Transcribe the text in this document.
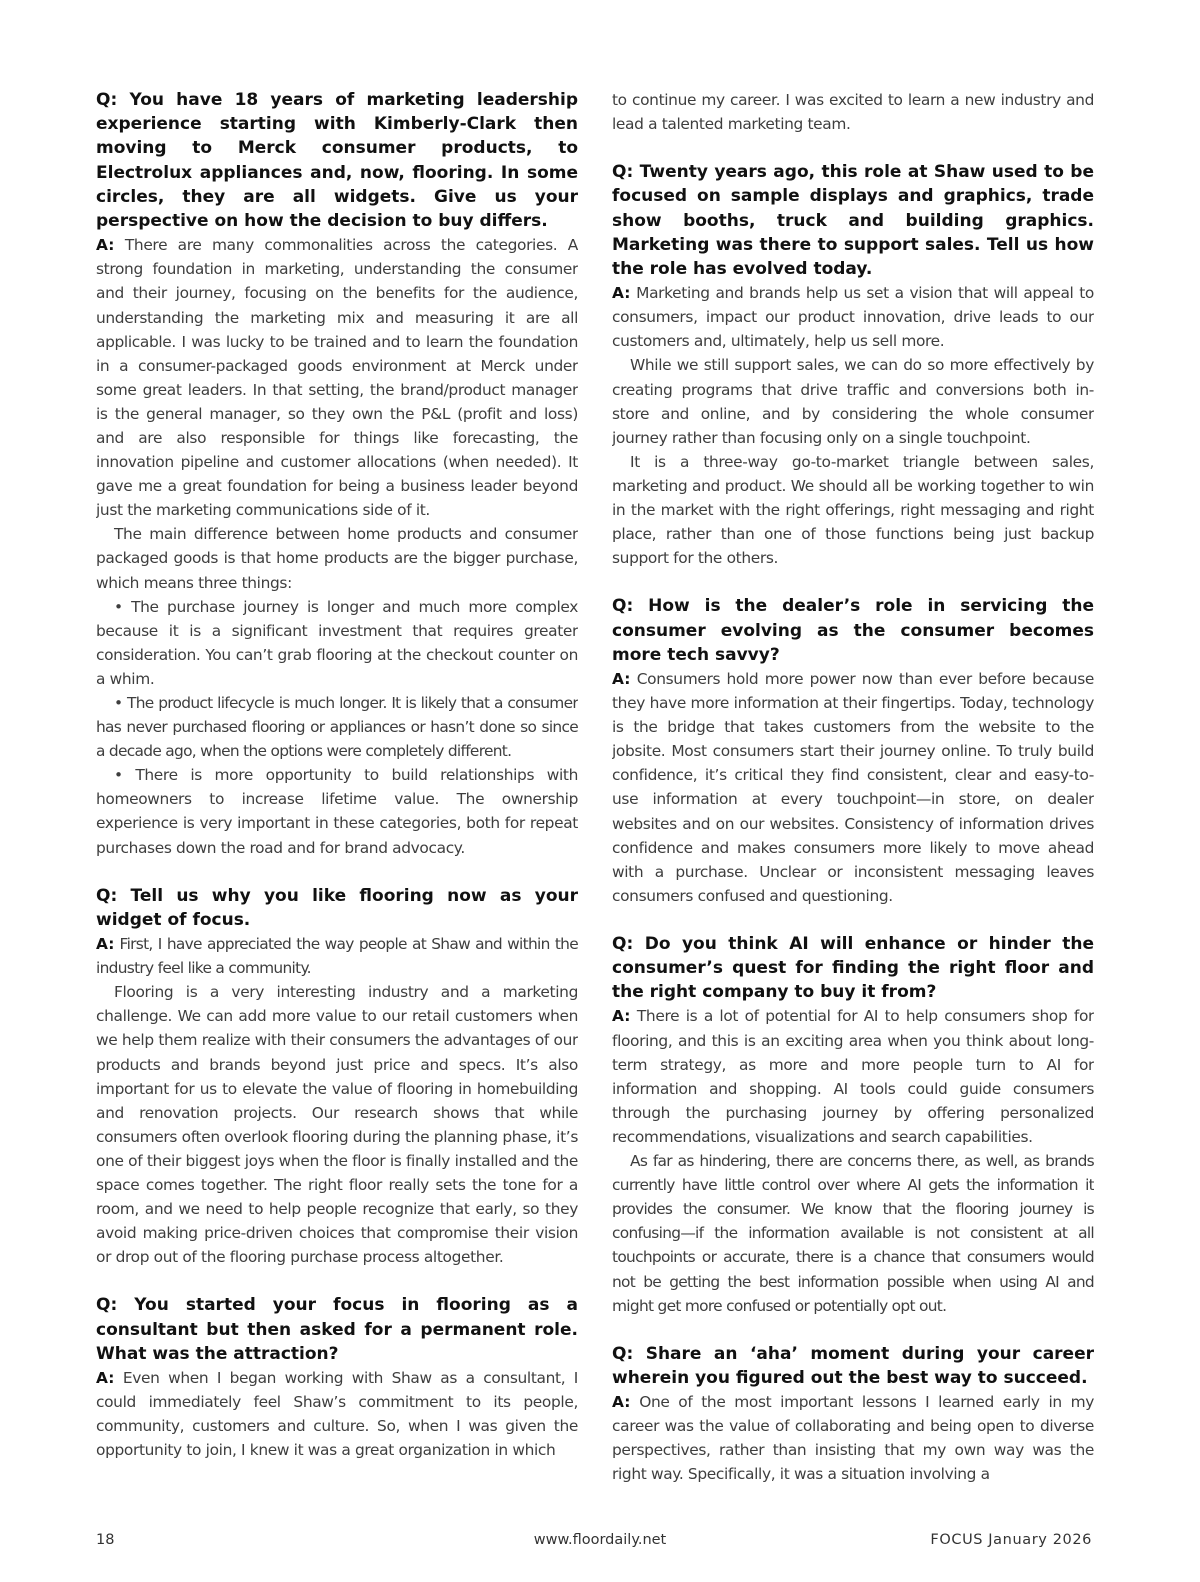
Q: You have 18 years of marketing leadership experience starting with Kimberly-Clark then moving to Merck consumer products, to Electrolux appliances and, now, flooring. In some circles, they are all widgets. Give us your perspective on how the decision to buy differs.

A: There are many commonalities across the categories. A strong foundation in marketing, understanding the consumer and their journey, focusing on the benefits for the audience, understanding the marketing mix and measuring it are all applicable. I was lucky to be trained and to learn the foundation in a consumer-packaged goods environment at Merck under some great leaders. In that setting, the brand/product manager is the general manager, so they own the P&L (profit and loss) and are also responsible for things like forecasting, the innovation pipeline and customer allocations (when needed). It gave me a great foundation for being a business leader beyond just the marketing communications side of it.

The main difference between home products and consumer packaged goods is that home products are the bigger purchase, which means three things:

• The purchase journey is longer and much more complex because it is a significant investment that requires greater consideration. You can’t grab flooring at the checkout counter on a whim.

• The product lifecycle is much longer. It is likely that a consumer has never purchased flooring or appliances or hasn’t done so since a decade ago, when the options were completely different.

• There is more opportunity to build relationships with homeowners to increase lifetime value. The ownership experience is very important in these categories, both for repeat purchases down the road and for brand advocacy.

Q: Tell us why you like flooring now as your widget of focus.

A: First, I have appreciated the way people at Shaw and within the industry feel like a community.

Flooring is a very interesting industry and a marketing challenge. We can add more value to our retail customers when we help them realize with their consumers the advantages of our products and brands beyond just price and specs. It’s also important for us to elevate the value of flooring in homebuilding and renovation projects. Our research shows that while consumers often overlook flooring during the planning phase, it’s one of their biggest joys when the floor is finally installed and the space comes together. The right floor really sets the tone for a room, and we need to help people recognize that early, so they avoid making price-driven choices that compromise their vision or drop out of the flooring purchase process altogether.

Q: You started your focus in flooring as a consultant but then asked for a permanent role. What was the attraction?

A: Even when I began working with Shaw as a consultant, I could immediately feel Shaw’s commitment to its people, community, customers and culture. So, when I was given the opportunity to join, I knew it was a great organization in which

to continue my career. I was excited to learn a new industry and lead a talented marketing team.

Q: Twenty years ago, this role at Shaw used to be focused on sample displays and graphics, trade show booths, truck and building graphics. Marketing was there to support sales. Tell us how the role has evolved today.

A: Marketing and brands help us set a vision that will appeal to consumers, impact our product innovation, drive leads to our customers and, ultimately, help us sell more.

While we still support sales, we can do so more effectively by creating programs that drive traffic and conversions both in-store and online, and by considering the whole consumer journey rather than focusing only on a single touchpoint.

It is a three-way go-to-market triangle between sales, marketing and product. We should all be working together to win in the market with the right offerings, right messaging and right place, rather than one of those functions being just backup support for the others.

Q: How is the dealer’s role in servicing the consumer evolving as the consumer becomes more tech savvy?

A: Consumers hold more power now than ever before because they have more information at their fingertips. Today, technology is the bridge that takes customers from the website to the jobsite. Most consumers start their journey online. To truly build confidence, it’s critical they find consistent, clear and easy-to-use information at every touchpoint—in store, on dealer websites and on our websites. Consistency of information drives confidence and makes consumers more likely to move ahead with a purchase. Unclear or inconsistent messaging leaves consumers confused and questioning.

Q: Do you think AI will enhance or hinder the consumer’s quest for finding the right floor and the right company to buy it from?

A: There is a lot of potential for AI to help consumers shop for flooring, and this is an exciting area when you think about long-term strategy, as more and more people turn to AI for information and shopping. AI tools could guide consumers through the purchasing journey by offering personalized recommendations, visualizations and search capabilities.

As far as hindering, there are concerns there, as well, as brands currently have little control over where AI gets the information it provides the consumer. We know that the flooring journey is confusing—if the information available is not consistent at all touchpoints or accurate, there is a chance that consumers would not be getting the best information possible when using AI and might get more confused or potentially opt out.

Q: Share an ‘aha’ moment during your career wherein you figured out the best way to succeed.

A: One of the most important lessons I learned early in my career was the value of collaborating and being open to diverse perspectives, rather than insisting that my own way was the right way. Specifically, it was a situation involving a

18	www.floordaily.net	FOCUS January 2026
